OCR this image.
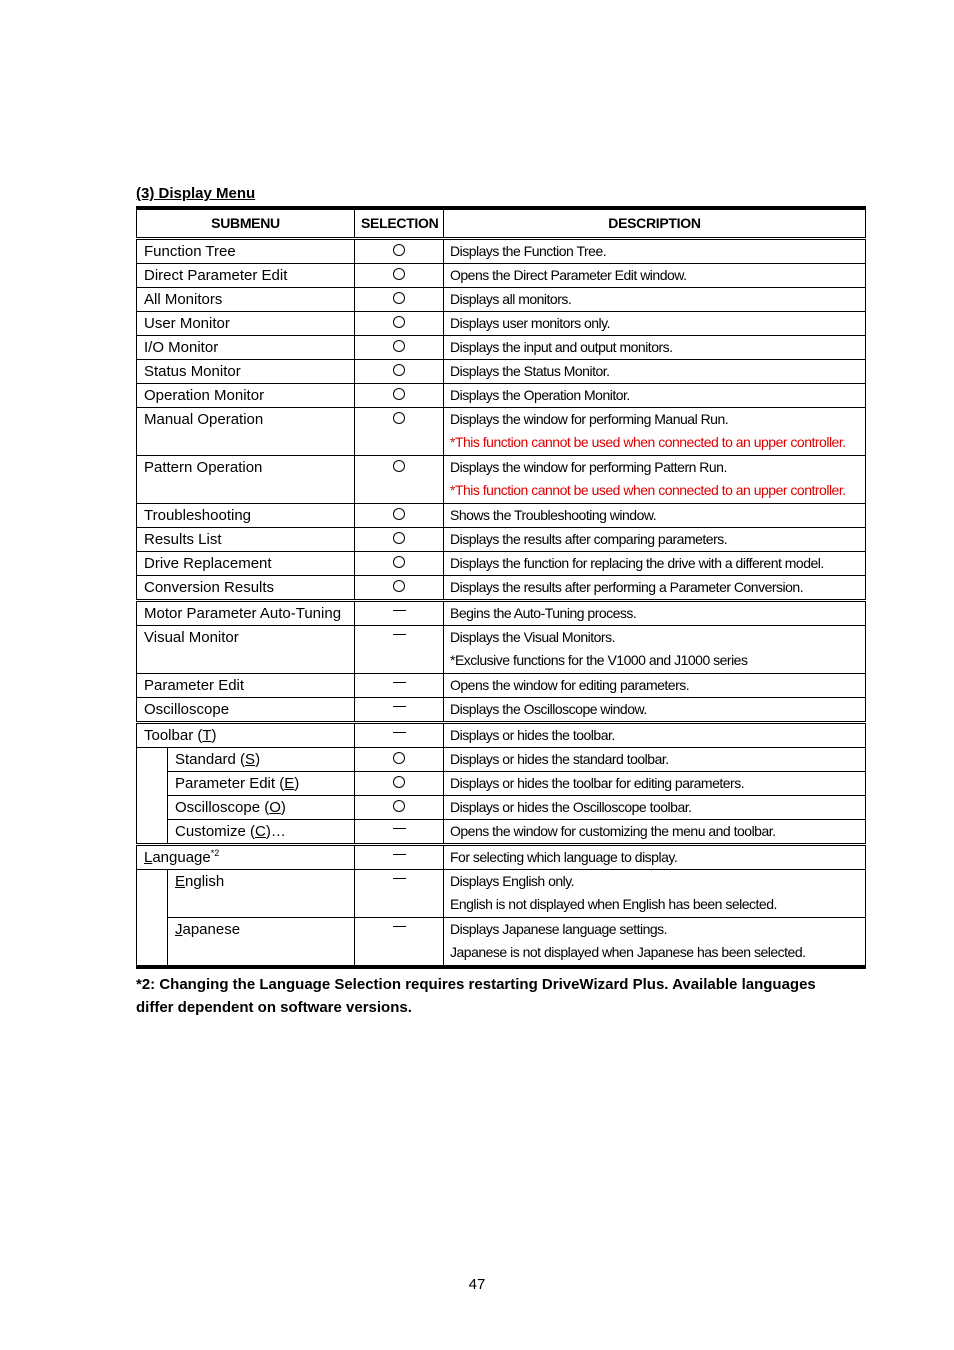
(3) Display Menu
SUBMENU		SELECTION	DESCRIPTION
Function Tree			Displays the Function Tree.
Direct Parameter Edit			Opens the Direct Parameter Edit window.
All Monitors			Displays all monitors.
User Monitor			Displays user monitors only.
I/O Monitor			Displays the input and output monitors.
Status Monitor			Displays the Status Monitor.
Operation Monitor			Displays the Operation Monitor.
Manual Operation			Displays the window for performing Manual Run.
*This function cannot be used when connected to an upper controller.

Pattern Operation			Displays the window for performing Pattern Run.
*This function cannot be used when connected to an upper controller.

Troubleshooting			Shows the Troubleshooting window.
Results List			Displays the results after comparing parameters.
Drive Replacement			Displays the function for replacing the drive with a different model.
Conversion Results			Displays the results after performing a Parameter Conversion.
Motor Parameter Auto-Tuning			Begins the Auto-Tuning process.
Visual Monitor			Displays the Visual Monitors.
*Exclusive functions for the V1000 and J1000 series

Parameter Edit			Opens the window for editing parameters.
Oscilloscope			Displays the Oscilloscope window.
Toolbar (T)			Displays or hides the toolbar.
	Standard (S)		Displays or hides the standard toolbar.
	Parameter Edit (E)		Displays or hides the toolbar for editing parameters.
	Oscilloscope (O)		Displays or hides the Oscilloscope toolbar.
	Customize (C)…		Opens the window for customizing the menu and toolbar.
Language$^{*2}$			For selecting which language to display.
	English		Displays English only.
English is not displayed when English has been selected.

	Japanese		Displays Japanese language settings.
Japanese is not displayed when Japanese has been selected.
*2: Changing the Language Selection requires restarting DriveWizard Plus. Available languages differ dependent on software versions.
47
